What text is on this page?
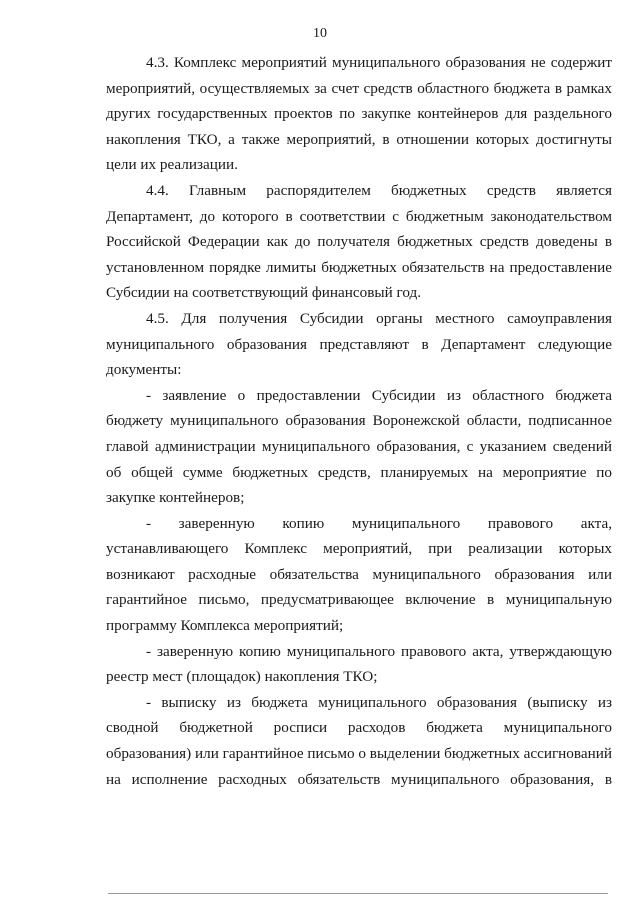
10

4.3. Комплекс мероприятий муниципального образования не содержит мероприятий, осуществляемых за счет средств областного бюджета в рамках других государственных проектов по закупке контейнеров для раздельного накопления ТКО, а также мероприятий, в отношении которых достигнуты цели их реализации.

4.4. Главным распорядителем бюджетных средств является Департамент, до которого в соответствии с бюджетным законодательством Российской Федерации как до получателя бюджетных средств доведены в установленном порядке лимиты бюджетных обязательств на предоставление Субсидии на соответствующий финансовый год.

4.5. Для получения Субсидии органы местного самоуправления муниципального образования представляют в Департамент следующие документы:

- заявление о предоставлении Субсидии из областного бюджета бюджету муниципального образования Воронежской области, подписанное главой администрации муниципального образования, с указанием сведений об общей сумме бюджетных средств, планируемых на мероприятие по закупке контейнеров;

- заверенную копию муниципального правового акта, устанавливающего Комплекс мероприятий, при реализации которых возникают расходные обязательства муниципального образования или гарантийное письмо, предусматривающее включение в муниципальную программу Комплекса мероприятий;

- заверенную копию муниципального правового акта, утверждающую реестр мест (площадок) накопления ТКО;

- выписку из бюджета муниципального образования (выписку из сводной бюджетной росписи расходов бюджета муниципального образования) или гарантийное письмо о выделении бюджетных ассигнований на исполнение расходных обязательств муниципального образования, в
